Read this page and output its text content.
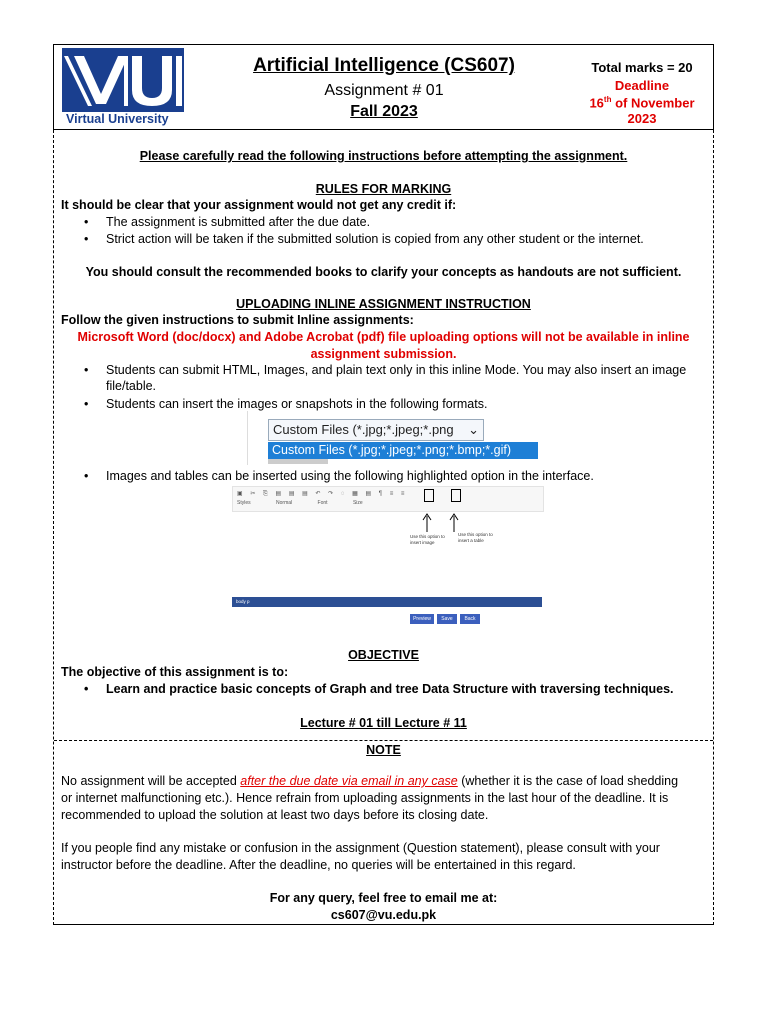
Virtual University
Artificial Intelligence (CS607)
Assignment # 01
Fall 2023
Total marks = 20
Deadline
16th of November
2023
Please carefully read the following instructions before attempting the assignment.
RULES FOR MARKING
It should be clear that your assignment would not get any credit if:
• The assignment is submitted after the due date.
• Strict action will be taken if the submitted solution is copied from any other student or the internet.
You should consult the recommended books to clarify your concepts as handouts are not sufficient.
UPLOADING INLINE ASSIGNMENT INSTRUCTION
Follow the given instructions to submit Inline assignments:
Microsoft Word (doc/docx) and Adobe Acrobat (pdf) file uploading options will not be available in inline
assignment submission.
• Students can submit HTML, Images, and plain text only in this inline Mode. You may also insert an image
file/table.
• Students can insert the images or snapshots in the following formats.
Custom Files (*.jpg;*.jpeg;*.png ⌄
Custom Files (*.jpg;*.jpeg;*.png;*.bmp;*.gif)
• Images and tables can be inserted using the following highlighted option in the interface.
▣ ✂ ⎘ ▤ ▤ ▤ ↶ ↷ ◌ ▦ ▤ ¶ ≡ ≡
Styles	Normal	Font	Size
Use this option to insert image
Use this option to insert a table
body p
Preview	Save	Back
OBJECTIVE
The objective of this assignment is to:
• Learn and practice basic concepts of Graph and tree Data Structure with traversing techniques.
Lecture # 01 till Lecture # 11
NOTE
No assignment will be accepted after the due date via email in any case (whether it is the case of load shedding
or internet malfunctioning etc.). Hence refrain from uploading assignments in the last hour of the deadline. It is
recommended to upload the solution at least two days before its closing date.
If you people find any mistake or confusion in the assignment (Question statement), please consult with your
instructor before the deadline. After the deadline, no queries will be entertained in this regard.
For any query, feel free to email me at:
cs607@vu.edu.pk
